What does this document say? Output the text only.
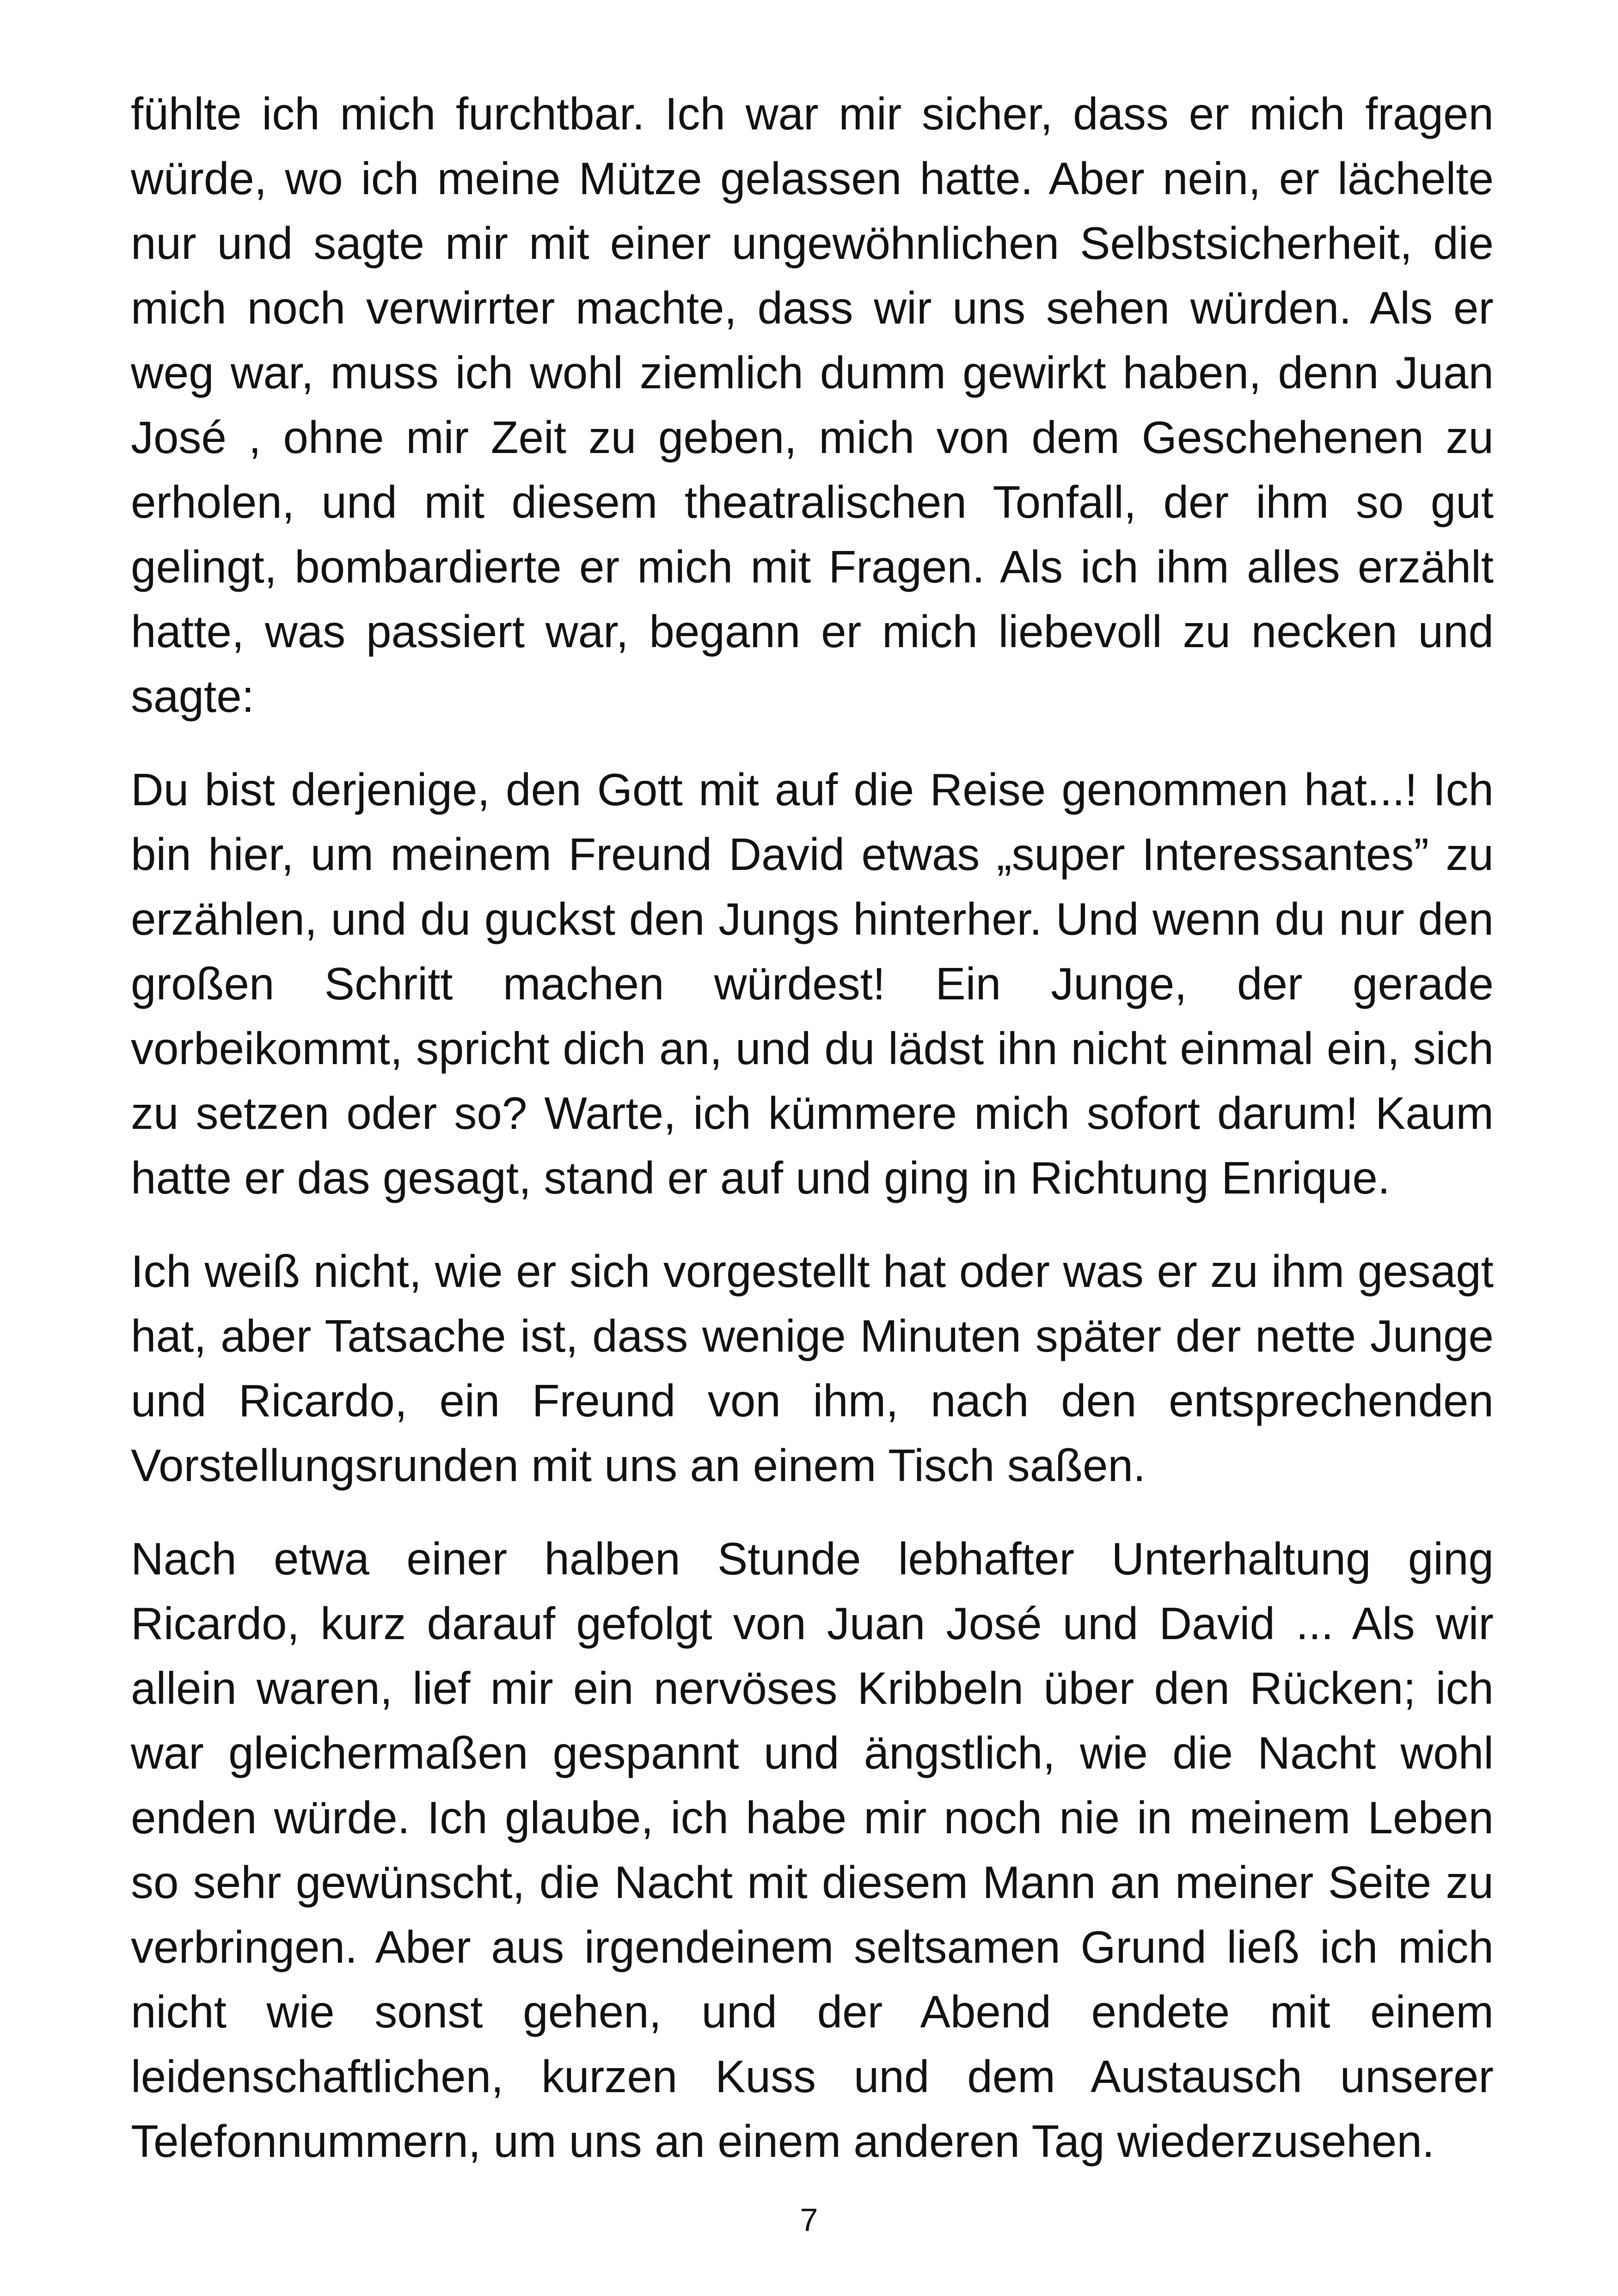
fühlte ich mich furchtbar. Ich war mir sicher, dass er mich fragen würde, wo ich meine Mütze gelassen hatte. Aber nein, er lächelte nur und sagte mir mit einer ungewöhnlichen Selbstsicherheit, die mich noch verwirrter machte, dass wir uns sehen würden. Als er weg war, muss ich wohl ziemlich dumm gewirkt haben, denn Juan José , ohne mir Zeit zu geben, mich von dem Geschehenen zu erholen, und mit diesem theatralischen Tonfall, der ihm so gut gelingt, bombardierte er mich mit Fragen. Als ich ihm alles erzählt hatte, was passiert war, begann er mich liebevoll zu necken und sagte:

Du bist derjenige, den Gott mit auf die Reise genommen hat...! Ich bin hier, um meinem Freund David etwas „super Interessantes” zu erzählen, und du guckst den Jungs hinterher. Und wenn du nur den großen Schritt machen würdest! Ein Junge, der gerade vorbeikommt, spricht dich an, und du lädst ihn nicht einmal ein, sich zu setzen oder so? Warte, ich kümmere mich sofort darum! Kaum hatte er das gesagt, stand er auf und ging in Richtung Enrique.

Ich weiß nicht, wie er sich vorgestellt hat oder was er zu ihm gesagt hat, aber Tatsache ist, dass wenige Minuten später der nette Junge und Ricardo, ein Freund von ihm, nach den entsprechenden Vorstellungsrunden mit uns an einem Tisch saßen.

Nach etwa einer halben Stunde lebhafter Unterhaltung ging Ricardo, kurz darauf gefolgt von Juan José und David ... Als wir allein waren, lief mir ein nervöses Kribbeln über den Rücken; ich war gleichermaßen gespannt und ängstlich, wie die Nacht wohl enden würde. Ich glaube, ich habe mir noch nie in meinem Leben so sehr gewünscht, die Nacht mit diesem Mann an meiner Seite zu verbringen. Aber aus irgendeinem seltsamen Grund ließ ich mich nicht wie sonst gehen, und der Abend endete mit einem leidenschaftlichen, kurzen Kuss und dem Austausch unserer Telefonnummern, um uns an einem anderen Tag wiederzusehen.

7
